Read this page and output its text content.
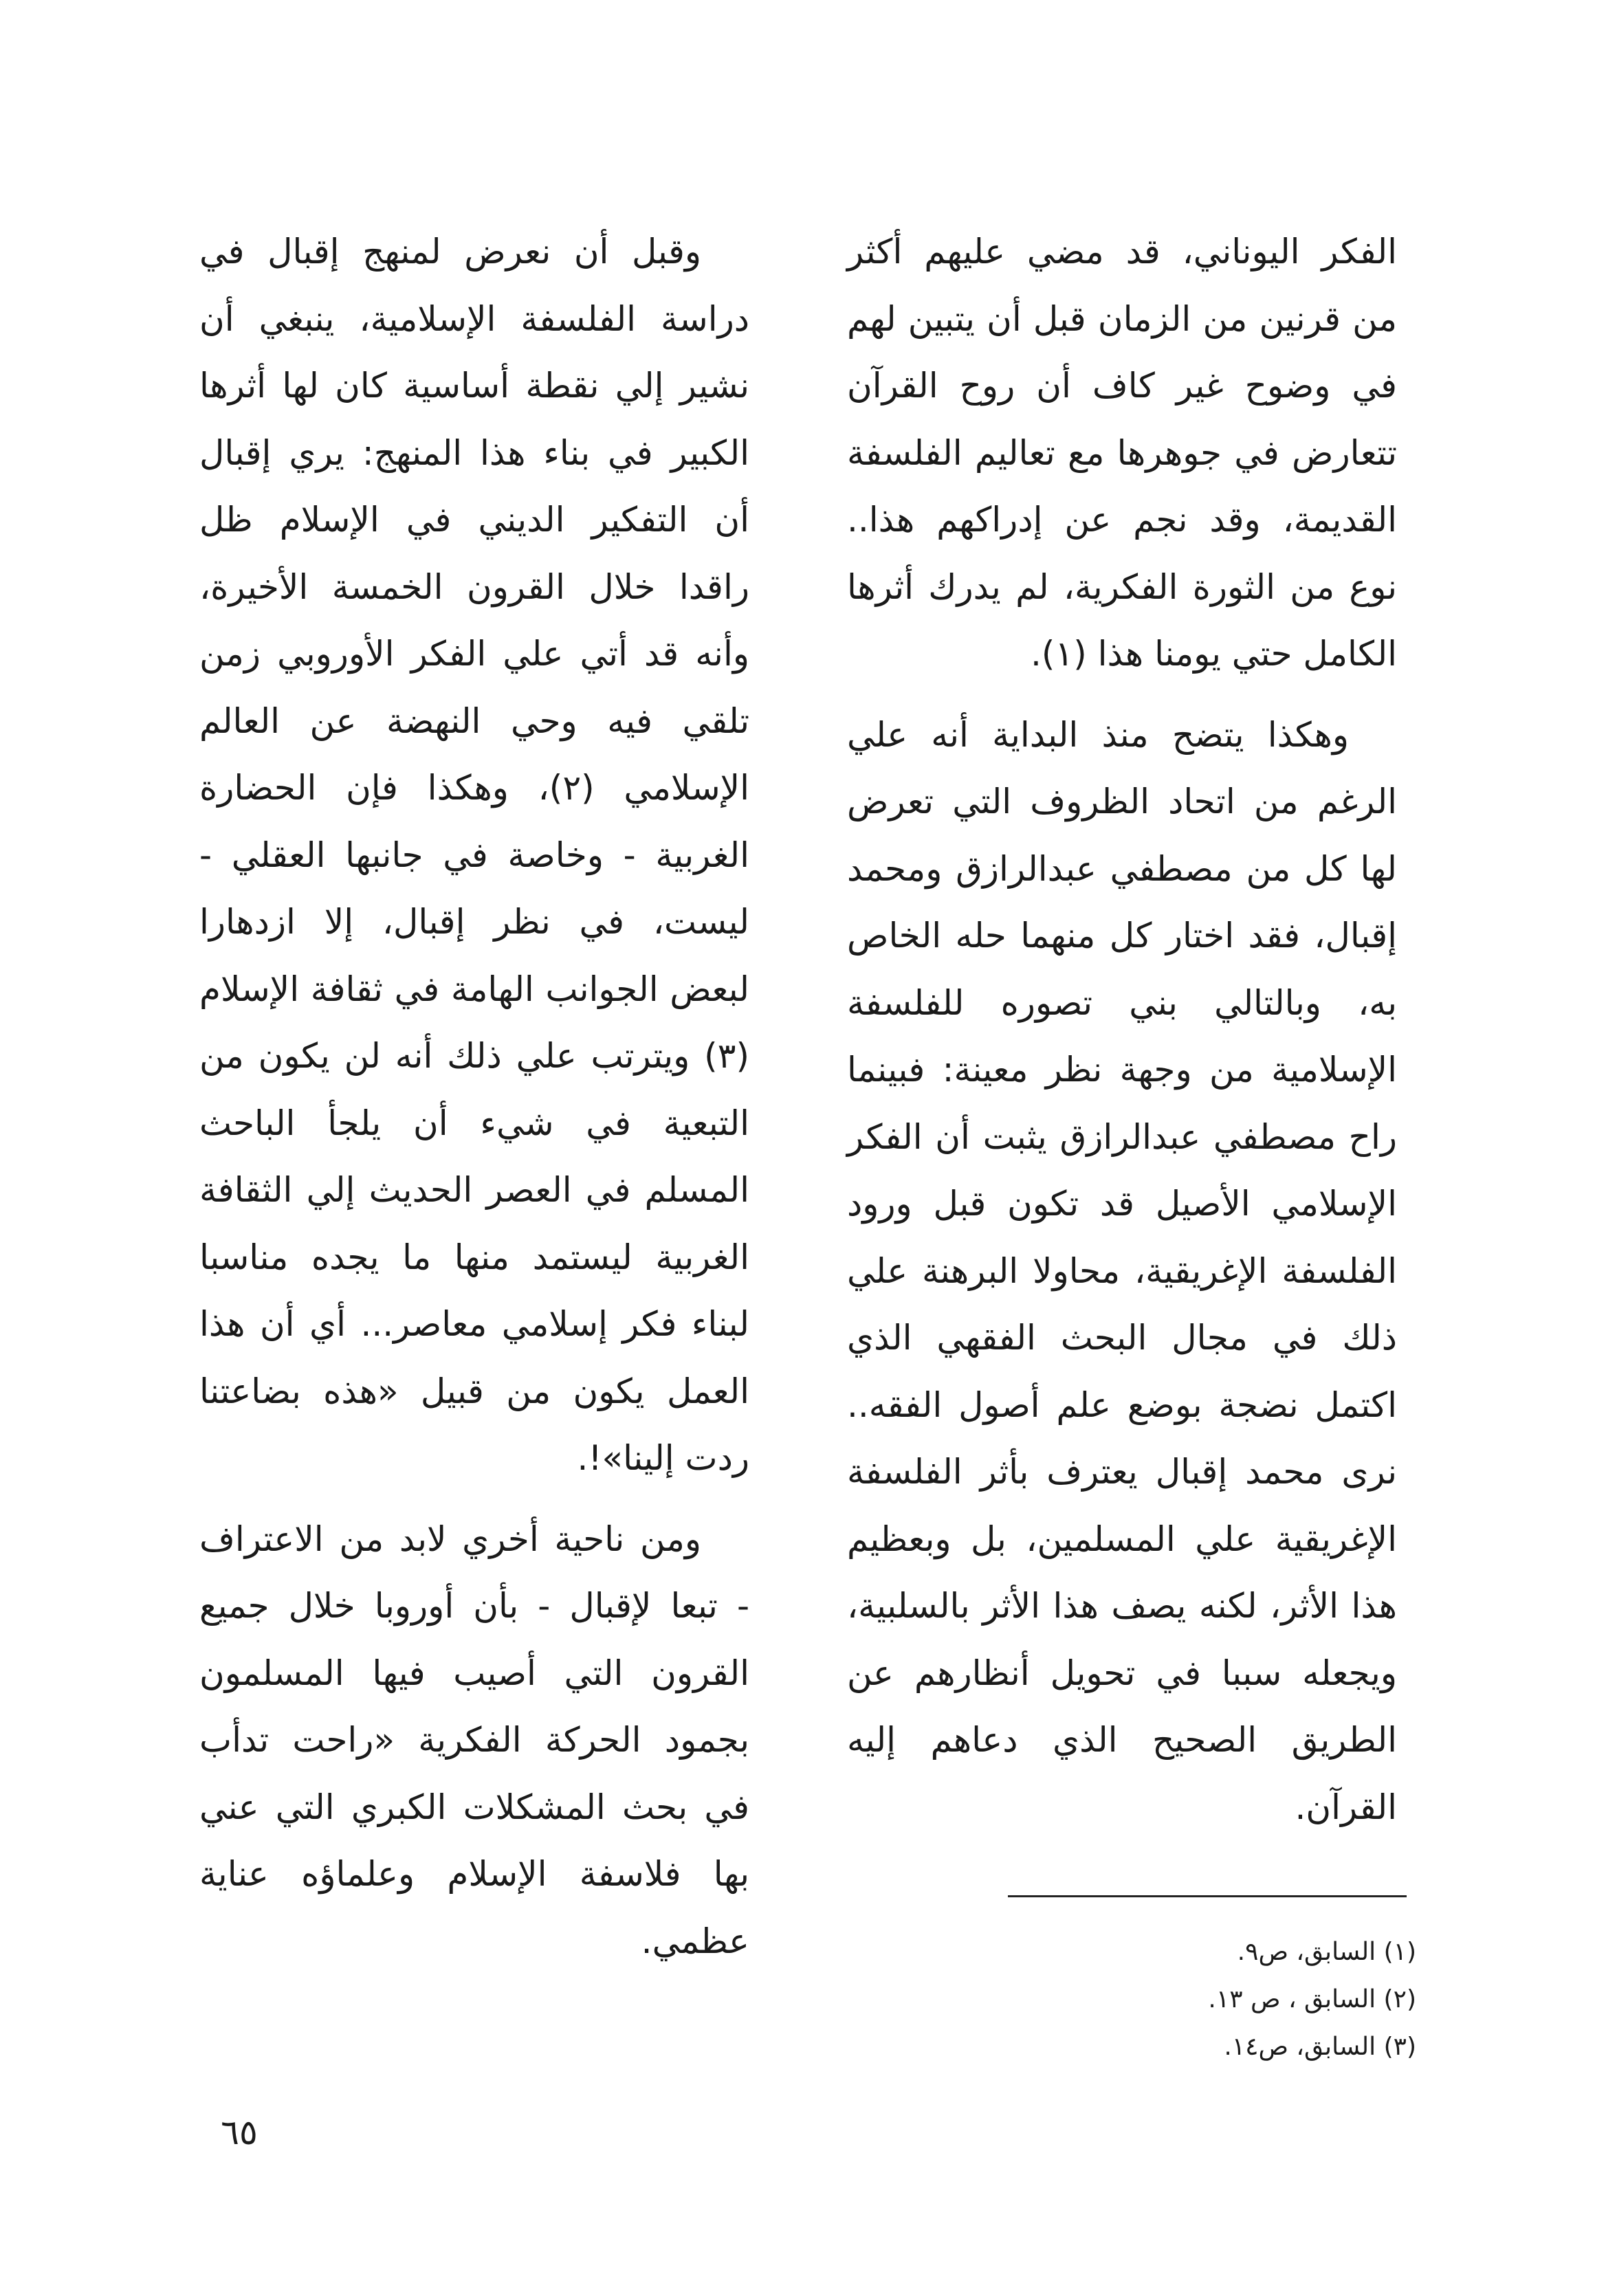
الفكر اليوناني، قد مضي عليهم أكثر من قرنين من الزمان قبل أن يتبين لهم في وضوح غير كاف أن روح القرآن تتعارض في جوهرها مع تعاليم الفلسفة القديمة، وقد نجم عن إدراكهم هذا.. نوع من الثورة الفكرية، لم يدرك أثرها الكامل حتي يومنا هذا (١).

وهكذا يتضح منذ البداية أنه علي الرغم من اتحاد الظروف التي تعرض لها كل من مصطفي عبدالرازق ومحمد إقبال، فقد اختار كل منهما حله الخاص به، وبالتالي بني تصوره للفلسفة الإسلامية من وجهة نظر معينة: فبينما راح مصطفي عبدالرازق يثبت أن الفكر الإسلامي الأصيل قد تكون قبل ورود الفلسفة الإغريقية، محاولا البرهنة علي ذلك في مجال البحث الفقهي الذي اكتمل نضجة بوضع علم أصول الفقه.. نرى محمد إقبال يعترف بأثر الفلسفة الإغريقية علي المسلمين، بل وبعظيم هذا الأثر، لكنه يصف هذا الأثر بالسلبية، ويجعله سببا في تحويل أنظارهم عن الطريق الصحيح الذي دعاهم إليه القرآن.

وقبل أن نعرض لمنهج إقبال في دراسة الفلسفة الإسلامية، ينبغي أن نشير إلي نقطة أساسية كان لها أثرها الكبير في بناء هذا المنهج: يري إقبال أن التفكير الديني في الإسلام ظل راقدا خلال القرون الخمسة الأخيرة، وأنه قد أتي علي الفكر الأوروبي زمن تلقي فيه وحي النهضة عن العالم الإسلامي (٢)، وهكذا فإن الحضارة الغربية - وخاصة في جانبها العقلي - ليست، في نظر إقبال، إلا ازدهارا لبعض الجوانب الهامة في ثقافة الإسلام (٣) ويترتب علي ذلك أنه لن يكون من التبعية في شيء أن يلجأ الباحث المسلم في العصر الحديث إلي الثقافة الغربية ليستمد منها ما يجده مناسبا لبناء فكر إسلامي معاصر... أي أن هذا العمل يكون من قبيل «هذه بضاعتنا ردت إلينا»!.

ومن ناحية أخري لابد من الاعتراف - تبعا لإقبال - بأن أوروبا خلال جميع القرون التي أصيب فيها المسلمون بجمود الحركة الفكرية «راحت تدأب في بحث المشكلات الكبري التي عني بها فلاسفة الإسلام وعلماؤه عناية عظمي.	(١) السابق، ص٩.
(٢) السابق ، ص ١٣.
(٣) السابق، ص١٤.
٦٥
